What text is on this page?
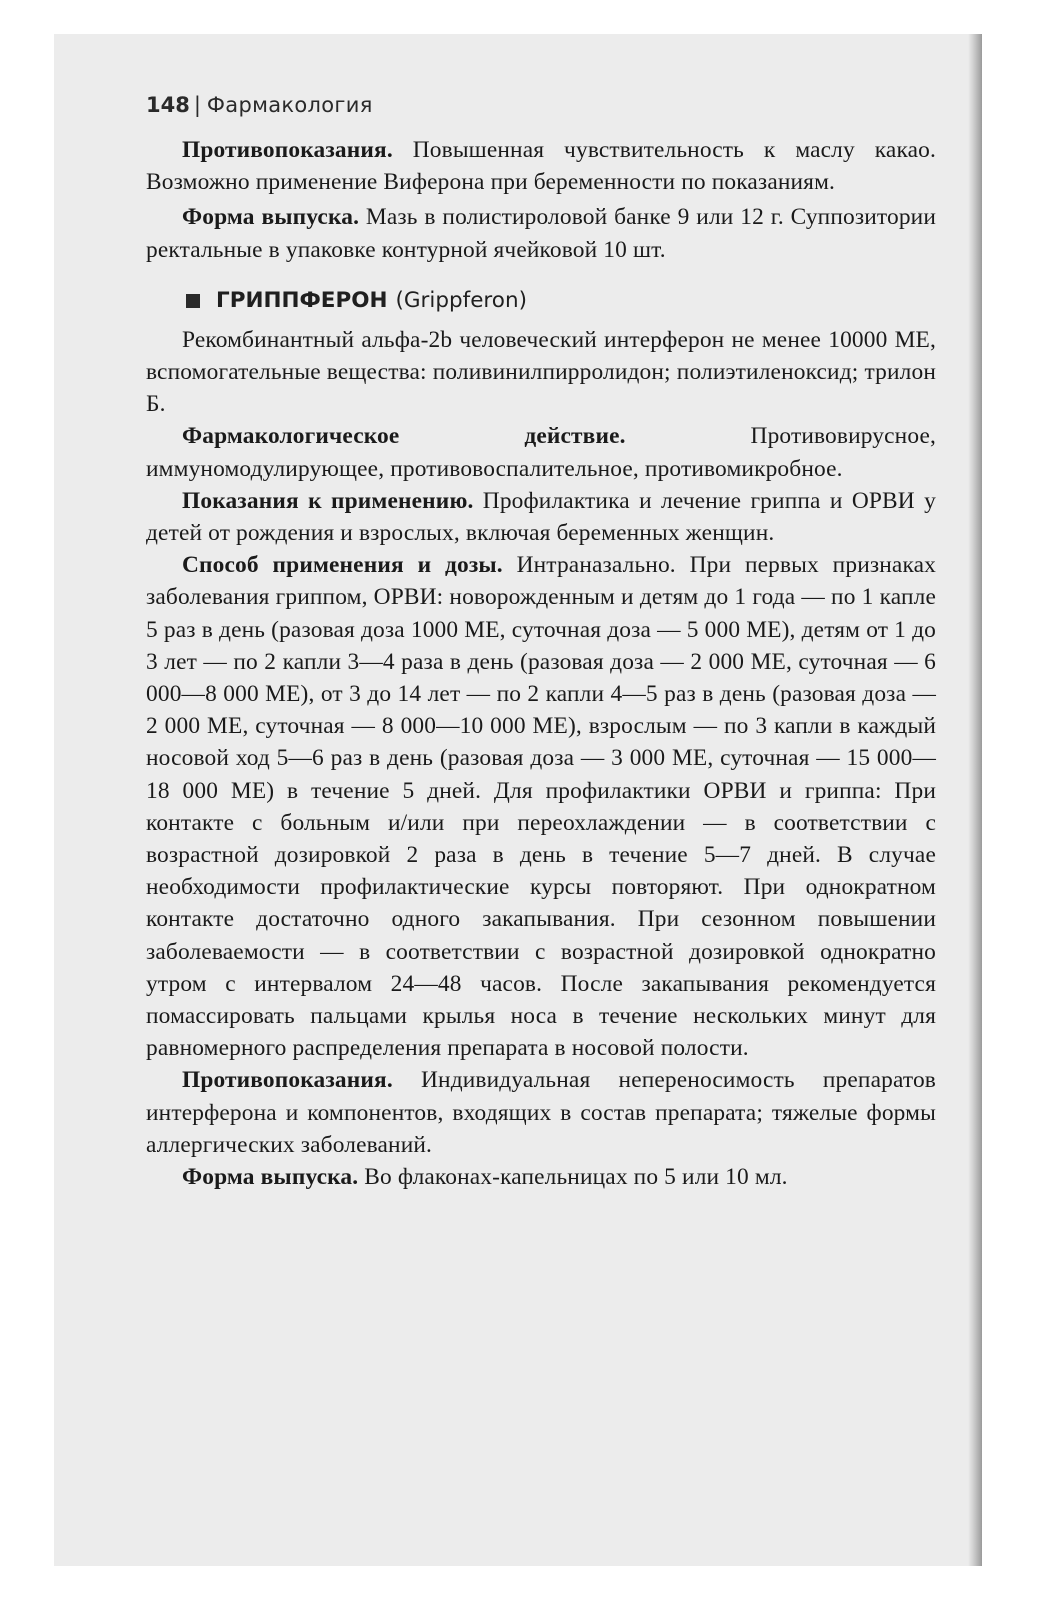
148 | Фармакология

Противопоказания. Повышенная чувствительность к маслу какао. Возможно применение Виферона при беременности по показаниям.

Форма выпуска. Мазь в полистироловой банке 9 или 12 г. Суппозитории ректальные в упаковке контурной ячейковой 10 шт.

ГРИППФЕРОН (Grippferon)

Рекомбинантный альфа-2b человеческий интерферон не менее 10000 МЕ, вспомогательные вещества: поливинилпирролидон; полиэтиленоксид; трилон Б.

Фармакологическое действие. Противовирусное, иммуномодулирующее, противовоспалительное, противомикробное.

Показания к применению. Профилактика и лечение гриппа и ОРВИ у детей от рождения и взрослых, включая беременных женщин.

Способ применения и дозы. Интраназально. При первых признаках заболевания гриппом, ОРВИ: новорожденным и детям до 1 года — по 1 капле 5 раз в день (разовая доза 1000 МЕ, суточная доза — 5 000 МЕ), детям от 1 до 3 лет — по 2 капли 3—4 раза в день (разовая доза — 2 000 МЕ, суточная — 6 000—8 000 МЕ), от 3 до 14 лет — по 2 капли 4—5 раз в день (разовая доза — 2 000 МЕ, суточная — 8 000—10 000 МЕ), взрослым — по 3 капли в каждый носовой ход 5—6 раз в день (разовая доза — 3 000 МЕ, суточная — 15 000—18 000 МЕ) в течение 5 дней. Для профилактики ОРВИ и гриппа: При контакте с больным и/или при переохлаждении — в соответствии с возрастной дозировкой 2 раза в день в течение 5—7 дней. В случае необходимости профилактические курсы повторяют. При однократном контакте достаточно одного закапывания. При сезонном повышении заболеваемости — в соответствии с возрастной дозировкой однократно утром с интервалом 24—48 часов. После закапывания рекомендуется помассировать пальцами крылья носа в течение нескольких минут для равномерного распределения препарата в носовой полости.

Противопоказания. Индивидуальная непереносимость препаратов интерферона и компонентов, входящих в состав препарата; тяжелые формы аллергических заболеваний.

Форма выпуска. Во флаконах-капельницах по 5 или 10 мл.
